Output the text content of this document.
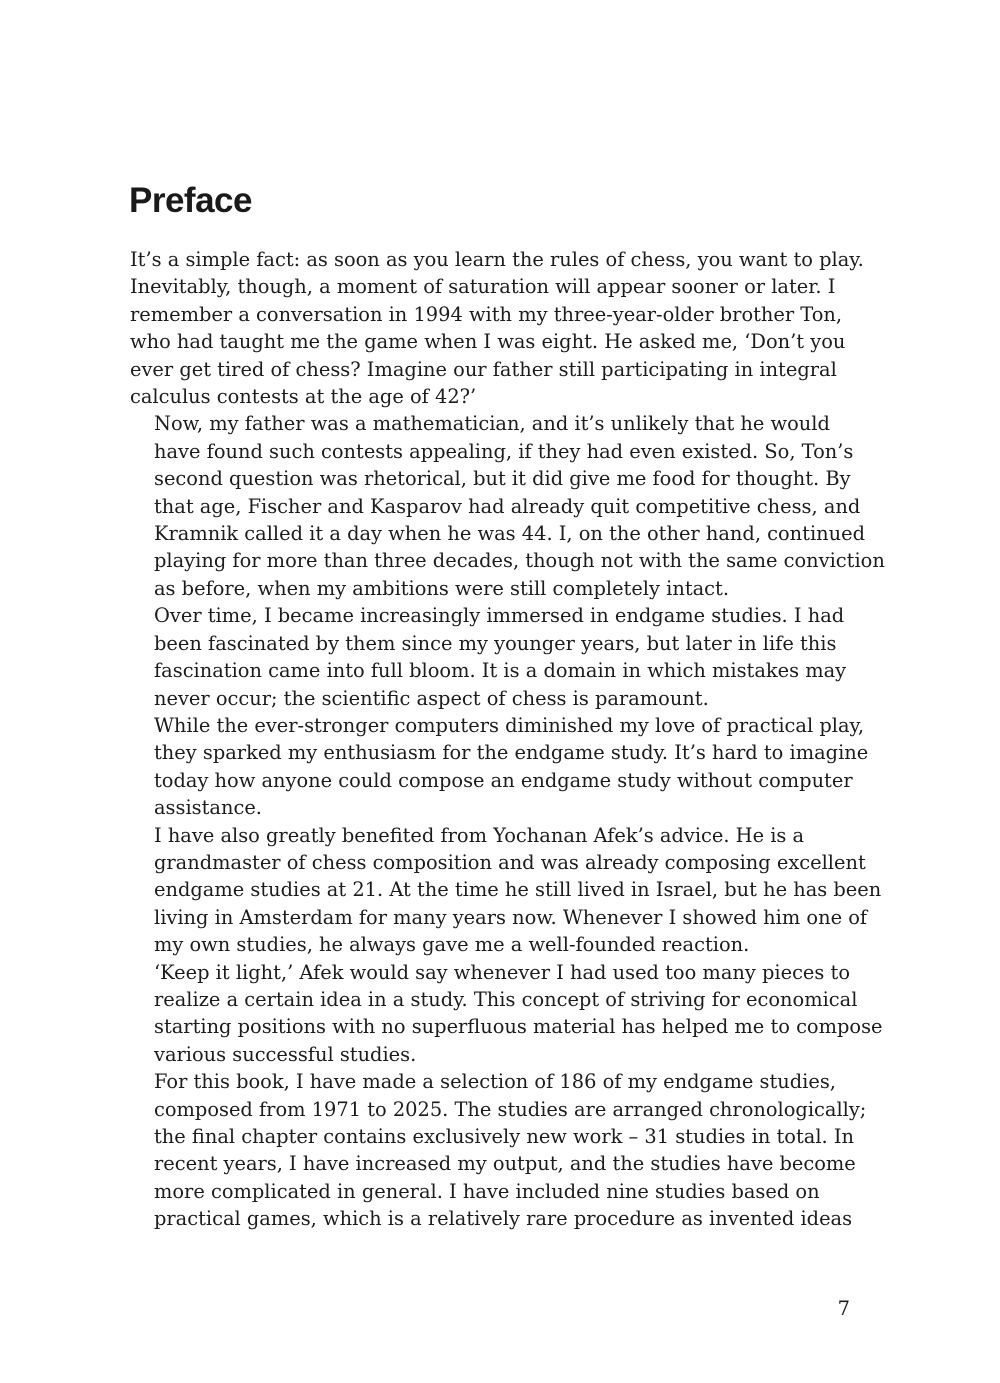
Preface

It’s a simple fact: as soon as you learn the rules of chess, you want to play.
Inevitably, though, a moment of saturation will appear sooner or later. I
remember a conversation in 1994 with my three-year-older brother Ton,
who had taught me the game when I was eight. He asked me, ‘Don’t you
ever get tired of chess? Imagine our father still participating in integral
calculus contests at the age of 42?’

Now, my father was a mathematician, and it’s unlikely that he would
have found such contests appealing, if they had even existed. So, Ton’s
second question was rhetorical, but it did give me food for thought. By
that age, Fischer and Kasparov had already quit competitive chess, and
Kramnik called it a day when he was 44. I, on the other hand, continued
playing for more than three decades, though not with the same conviction
as before, when my ambitions were still completely intact.

Over time, I became increasingly immersed in endgame studies. I had
been fascinated by them since my younger years, but later in life this
fascination came into full bloom. It is a domain in which mistakes may
never occur; the scientific aspect of chess is paramount.

While the ever-stronger computers diminished my love of practical play,
they sparked my enthusiasm for the endgame study. It’s hard to imagine
today how anyone could compose an endgame study without computer
assistance.

I have also greatly benefited from Yochanan Afek’s advice. He is a
grandmaster of chess composition and was already composing excellent
endgame studies at 21. At the time he still lived in Israel, but he has been
living in Amsterdam for many years now. Whenever I showed him one of
my own studies, he always gave me a well-founded reaction.

‘Keep it light,’ Afek would say whenever I had used too many pieces to
realize a certain idea in a study. This concept of striving for economical
starting positions with no superfluous material has helped me to compose
various successful studies.

For this book, I have made a selection of 186 of my endgame studies,
composed from 1971 to 2025. The studies are arranged chronologically;
the final chapter contains exclusively new work – 31 studies in total. In
recent years, I have increased my output, and the studies have become
more complicated in general. I have included nine studies based on
practical games, which is a relatively rare procedure as invented ideas

7
